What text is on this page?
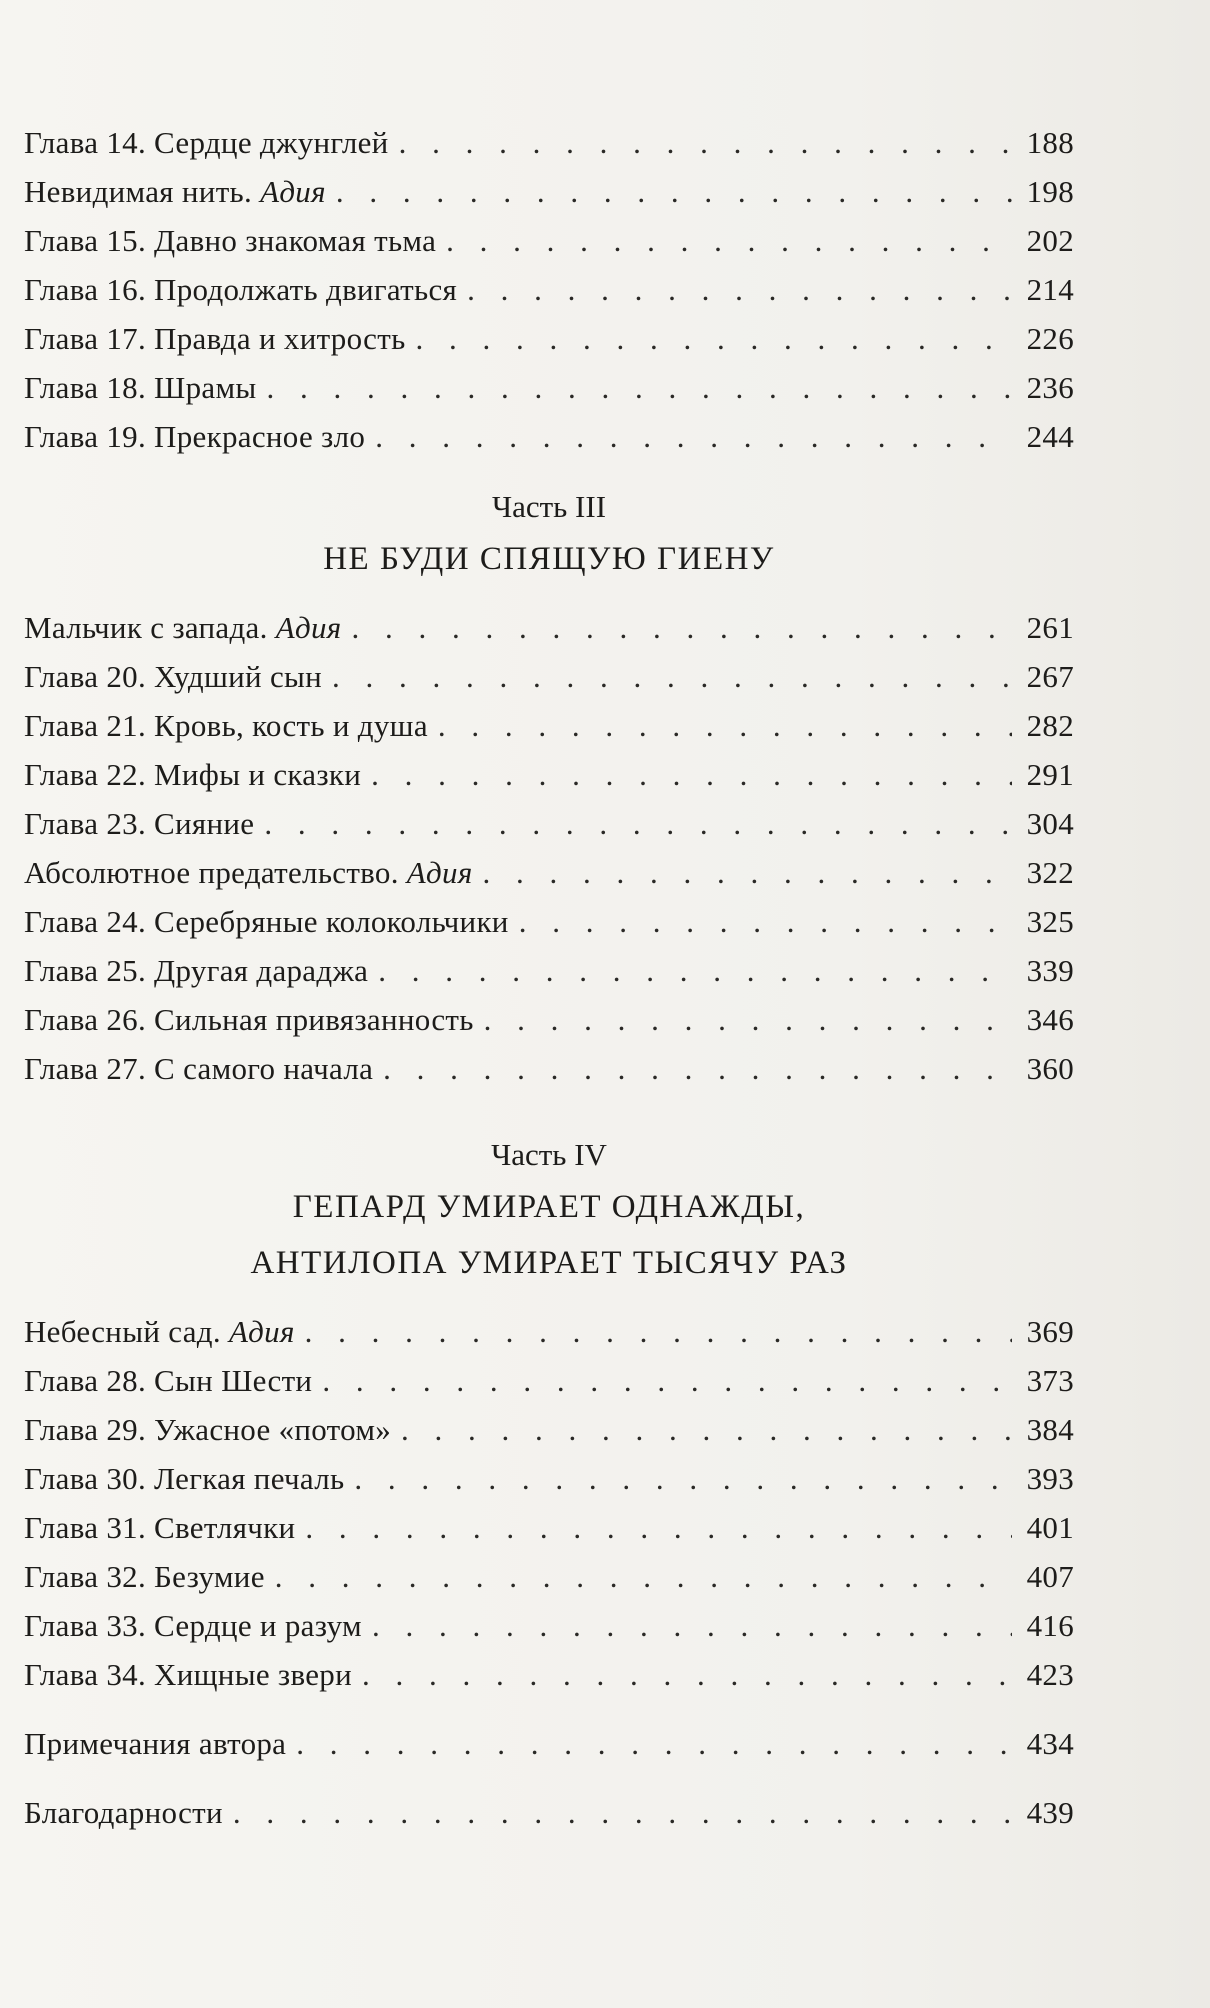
Глава 14. Сердце джунглей . . .	188
Невидимая нить. Адия . . .	198
Глава 15. Давно знакомая тьма . . .	202
Глава 16. Продолжать двигаться . . .	214
Глава 17. Правда и хитрость . . .	226
Глава 18. Шрамы . . .	236
Глава 19. Прекрасное зло . . .	244
Часть III
НЕ БУДИ СПЯЩУЮ ГИЕНУ
Мальчик с запада. Адия . . .	261
Глава 20. Худший сын . . .	267
Глава 21. Кровь, кость и душа . . .	282
Глава 22. Мифы и сказки . . .	291
Глава 23. Сияние . . .	304
Абсолютное предательство. Адия . . .	322
Глава 24. Серебряные колокольчики . . .	325
Глава 25. Другая дараджа . . .	339
Глава 26. Сильная привязанность . . .	346
Глава 27. С самого начала . . .	360
Часть IV
ГЕПАРД УМИРАЕТ ОДНАЖДЫ,
АНТИЛОПА УМИРАЕТ ТЫСЯЧУ РАЗ
Небесный сад. Адия . . .	369
Глава 28. Сын Шести . . .	373
Глава 29. Ужасное «потом» . . .	384
Глава 30. Легкая печаль . . .	393
Глава 31. Светлячки . . .	401
Глава 32. Безумие . . .	407
Глава 33. Сердце и разум . . .	416
Глава 34. Хищные звери . . .	423
Примечания автора . . .	434
Благодарности . . .	439
